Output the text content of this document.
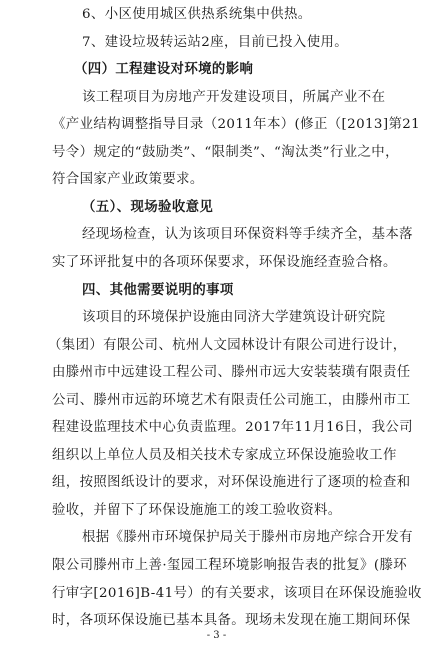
6、小区使用城区供热系统集中供热。
7、建设垃圾转运站2座，目前已投入使用。
（四）工程建设对环境的影响
该工程项目为房地产开发建设项目，所属产业不在
《产业结构调整指导目录（2011年本）(修正（[2013]第21
号令）规定的“鼓励类”、“限制类”、“淘汰类”行业之中，
符合国家产业政策要求。
（五）、现场验收意见
经现场检查，认为该项目环保资料等手续齐全，基本落
实了环评批复中的各项环保要求，环保设施经查验合格。
四、其他需要说明的事项
该项目的环境保护设施由同济大学建筑设计研究院
（集团）有限公司、杭州人文园林设计有限公司进行设计，
由滕州市中远建设工程公司、滕州市远大安装装璜有限责任
公司、滕州市远韵环境艺术有限责任公司施工，由滕州市工
程建设监理技术中心负责监理。2017年11月16日，我公司
组织以上单位人员及相关技术专家成立环保设施验收工作
组，按照图纸设计的要求，对环保设施进行了逐项的检查和
验收，并留下了环保设施施工的竣工验收资料。
根据《滕州市环境保护局关于滕州市房地产综合开发有
限公司滕州市上善·玺园工程环境影响报告表的批复》(滕环
行审字[2016]B-41号）的有关要求，该项目在环保设施验收
时，各项环保设施已基本具备。现场未发现在施工期间环保
- 3 -
